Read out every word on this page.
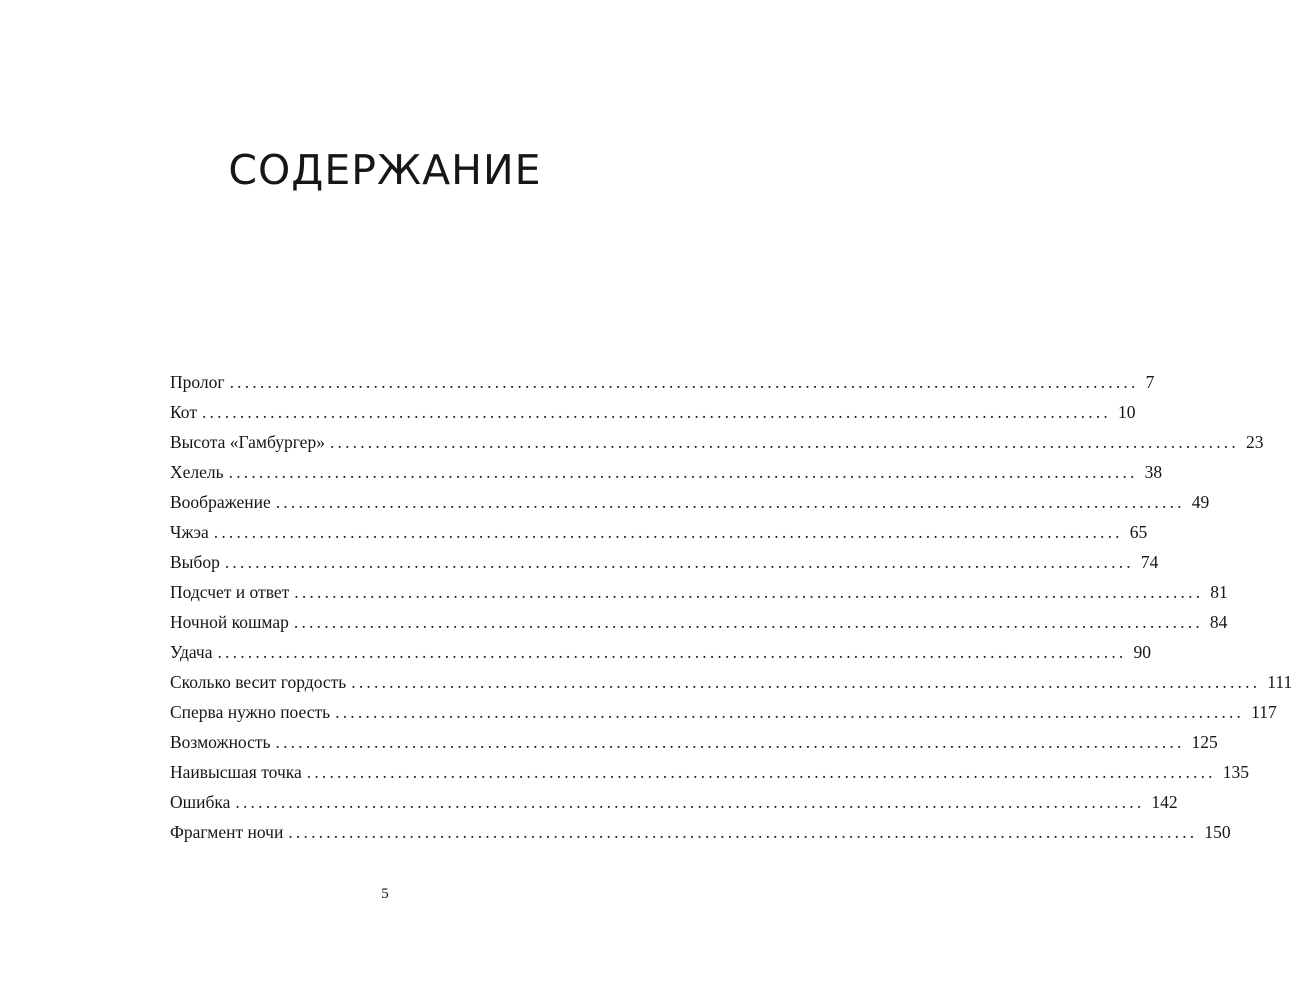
СОДЕРЖАНИЕ
Пролог ........................................................................................................................ 7
Кот ........................................................................................................................ 10
Высота «Гамбургер» ........................................................................................................................ 23
Хелель ........................................................................................................................ 38
Воображение ........................................................................................................................ 49
Чжэа ........................................................................................................................ 65
Выбор ........................................................................................................................ 74
Подсчет и ответ ........................................................................................................................ 81
Ночной кошмар ........................................................................................................................ 84
Удача ........................................................................................................................ 90
Сколько весит гордость ........................................................................................................................ 111
Сперва нужно поесть ........................................................................................................................ 117
Возможность ........................................................................................................................ 125
Наивысшая точка ........................................................................................................................ 135
Ошибка ........................................................................................................................ 142
Фрагмент ночи ........................................................................................................................ 150
5
